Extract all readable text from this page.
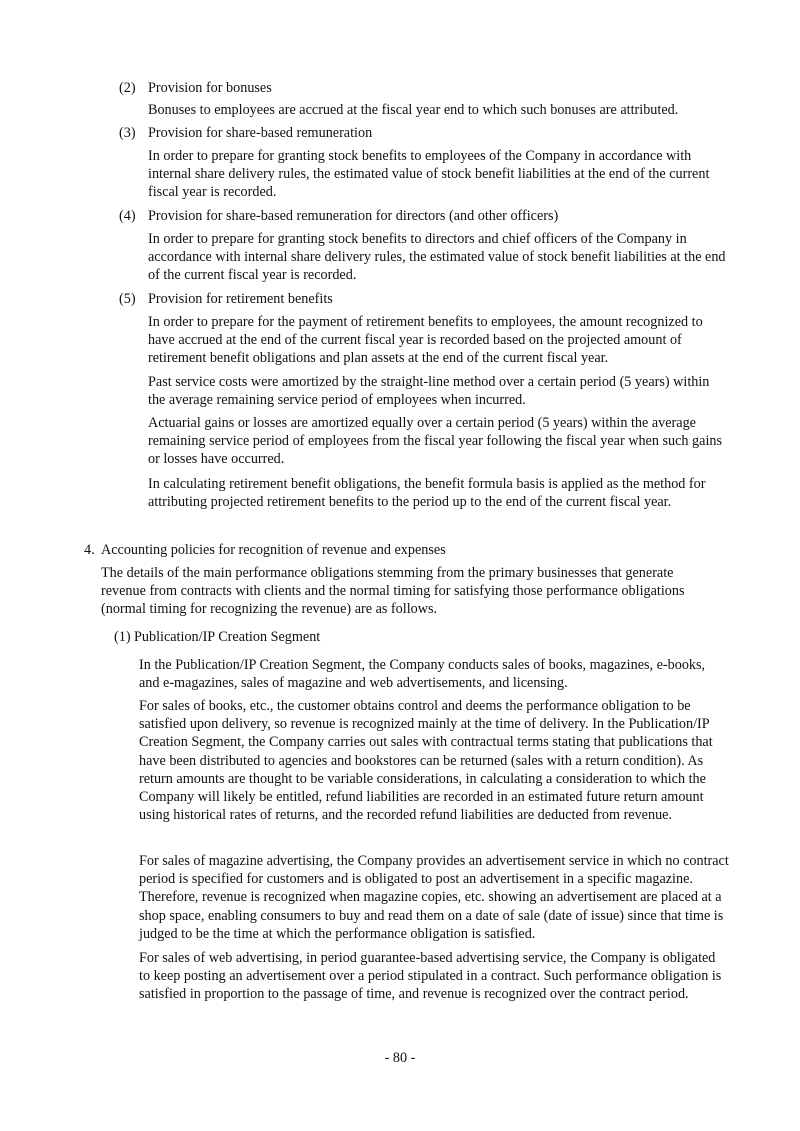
(2) Provision for bonuses

Bonuses to employees are accrued at the fiscal year end to which such bonuses are attributed.

(3) Provision for share-based remuneration

In order to prepare for granting stock benefits to employees of the Company in accordance with internal share delivery rules, the estimated value of stock benefit liabilities at the end of the current fiscal year is recorded.

(4) Provision for share-based remuneration for directors (and other officers)

In order to prepare for granting stock benefits to directors and chief officers of the Company in accordance with internal share delivery rules, the estimated value of stock benefit liabilities at the end of the current fiscal year is recorded.

(5) Provision for retirement benefits

In order to prepare for the payment of retirement benefits to employees, the amount recognized to have accrued at the end of the current fiscal year is recorded based on the projected amount of retirement benefit obligations and plan assets at the end of the current fiscal year.

Past service costs were amortized by the straight-line method over a certain period (5 years) within the average remaining service period of employees when incurred.

Actuarial gains or losses are amortized equally over a certain period (5 years) within the average remaining service period of employees from the fiscal year following the fiscal year when such gains or losses have occurred.

In calculating retirement benefit obligations, the benefit formula basis is applied as the method for attributing projected retirement benefits to the period up to the end of the current fiscal year.

4. Accounting policies for recognition of revenue and expenses

The details of the main performance obligations stemming from the primary businesses that generate revenue from contracts with clients and the normal timing for satisfying those performance obligations (normal timing for recognizing the revenue) are as follows.

(1) Publication/IP Creation Segment

In the Publication/IP Creation Segment, the Company conducts sales of books, magazines, e-books, and e-magazines, sales of magazine and web advertisements, and licensing.

For sales of books, etc., the customer obtains control and deems the performance obligation to be satisfied upon delivery, so revenue is recognized mainly at the time of delivery. In the Publication/IP Creation Segment, the Company carries out sales with contractual terms stating that publications that have been distributed to agencies and bookstores can be returned (sales with a return condition). As return amounts are thought to be variable considerations, in calculating a consideration to which the Company will likely be entitled, refund liabilities are recorded in an estimated future return amount using historical rates of returns, and the recorded refund liabilities are deducted from revenue.

For sales of magazine advertising, the Company provides an advertisement service in which no contract period is specified for customers and is obligated to post an advertisement in a specific magazine. Therefore, revenue is recognized when magazine copies, etc. showing an advertisement are placed at a shop space, enabling consumers to buy and read them on a date of sale (date of issue) since that time is judged to be the time at which the performance obligation is satisfied.

For sales of web advertising, in period guarantee-based advertising service, the Company is obligated to keep posting an advertisement over a period stipulated in a contract. Such performance obligation is satisfied in proportion to the passage of time, and revenue is recognized over the contract period.

- 80 -
